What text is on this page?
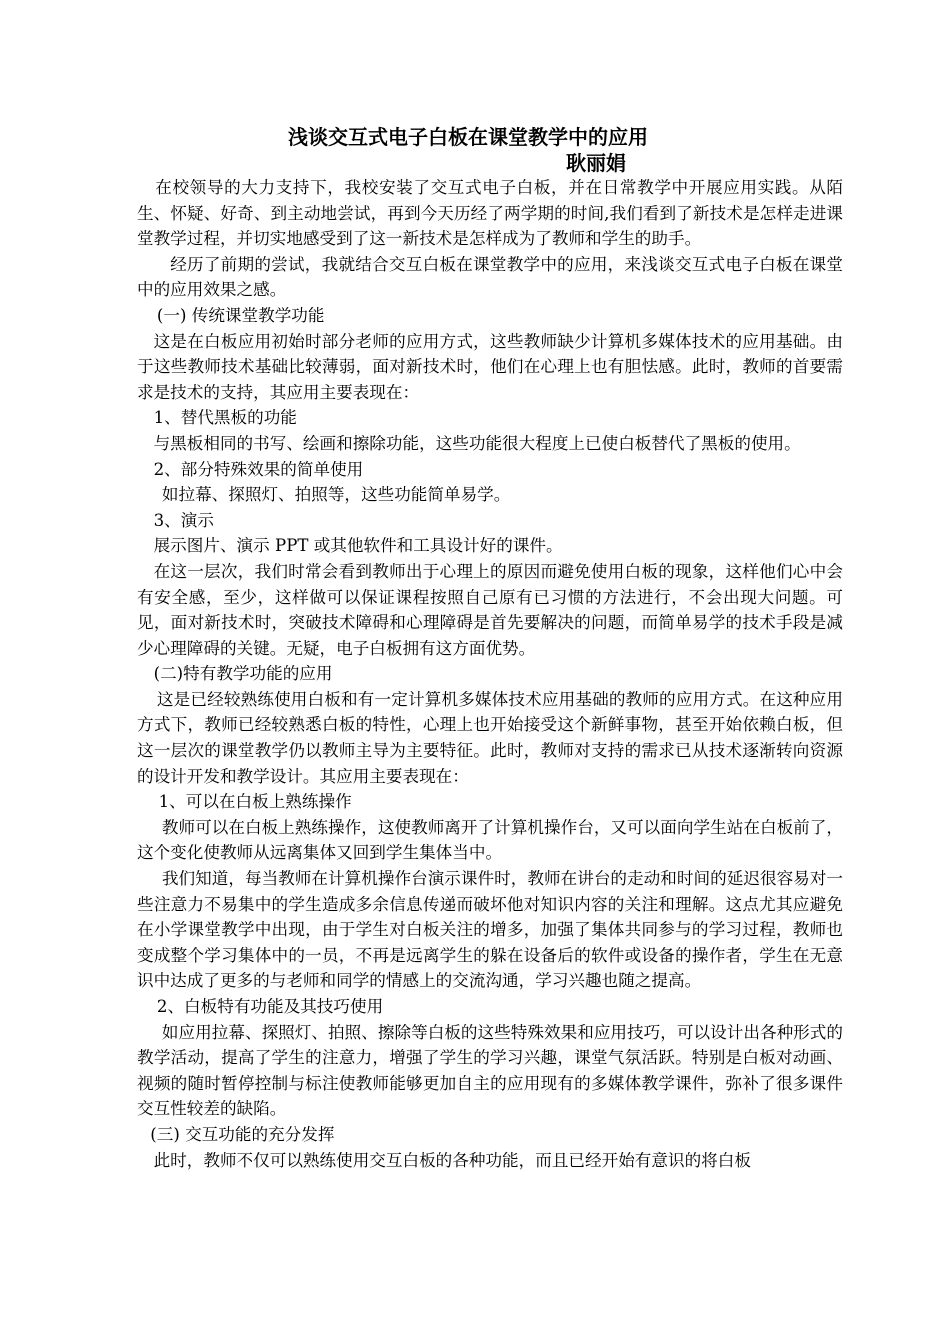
浅谈交互式电子白板在课堂教学中的应用
耿丽娟
在校领导的大力支持下，我校安装了交互式电子白板，并在日常教学中开展应用实践。从陌生、怀疑、好奇、到主动地尝试，再到今天历经了两学期的时间,我们看到了新技术是怎样走进课堂教学过程，并切实地感受到了这一新技术是怎样成为了教师和学生的助手。
经历了前期的尝试，我就结合交互白板在课堂教学中的应用，来浅谈交互式电子白板在课堂中的应用效果之感。
(一) 传统课堂教学功能
这是在白板应用初始时部分老师的应用方式，这些教师缺少计算机多媒体技术的应用基础。由于这些教师技术基础比较薄弱，面对新技术时，他们在心理上也有胆怯感。此时，教师的首要需求是技术的支持，其应用主要表现在：
1、替代黑板的功能
与黑板相同的书写、绘画和擦除功能，这些功能很大程度上已使白板替代了黑板的使用。
2、部分特殊效果的简单使用
如拉幕、探照灯、拍照等，这些功能简单易学。
3、演示
展示图片、演示 PPT 或其他软件和工具设计好的课件。
在这一层次，我们时常会看到教师出于心理上的原因而避免使用白板的现象，这样他们心中会有安全感，至少，这样做可以保证课程按照自己原有已习惯的方法进行，不会出现大问题。可见，面对新技术时，突破技术障碍和心理障碍是首先要解决的问题，而简单易学的技术手段是减少心理障碍的关键。无疑，电子白板拥有这方面优势。
(二)特有教学功能的应用
这是已经较熟练使用白板和有一定计算机多媒体技术应用基础的教师的应用方式。在这种应用方式下，教师已经较熟悉白板的特性，心理上也开始接受这个新鲜事物，甚至开始依赖白板，但这一层次的课堂教学仍以教师主导为主要特征。此时，教师对支持的需求已从技术逐渐转向资源的设计开发和教学设计。其应用主要表现在：
1、可以在白板上熟练操作
教师可以在白板上熟练操作，这使教师离开了计算机操作台，又可以面向学生站在白板前了，这个变化使教师从远离集体又回到学生集体当中。
我们知道，每当教师在计算机操作台演示课件时，教师在讲台的走动和时间的延迟很容易对一些注意力不易集中的学生造成多余信息传递而破坏他对知识内容的关注和理解。这点尤其应避免在小学课堂教学中出现，由于学生对白板关注的增多，加强了集体共同参与的学习过程，教师也变成整个学习集体中的一员，不再是远离学生的躲在设备后的软件或设备的操作者，学生在无意识中达成了更多的与老师和同学的情感上的交流沟通，学习兴趣也随之提高。
2、白板特有功能及其技巧使用
如应用拉幕、探照灯、拍照、擦除等白板的这些特殊效果和应用技巧，可以设计出各种形式的教学活动，提高了学生的注意力，增强了学生的学习兴趣，课堂气氛活跃。特别是白板对动画、视频的随时暂停控制与标注使教师能够更加自主的应用现有的多媒体教学课件，弥补了很多课件交互性较差的缺陷。
(三) 交互功能的充分发挥
此时，教师不仅可以熟练使用交互白板的各种功能，而且已经开始有意识的将白板
